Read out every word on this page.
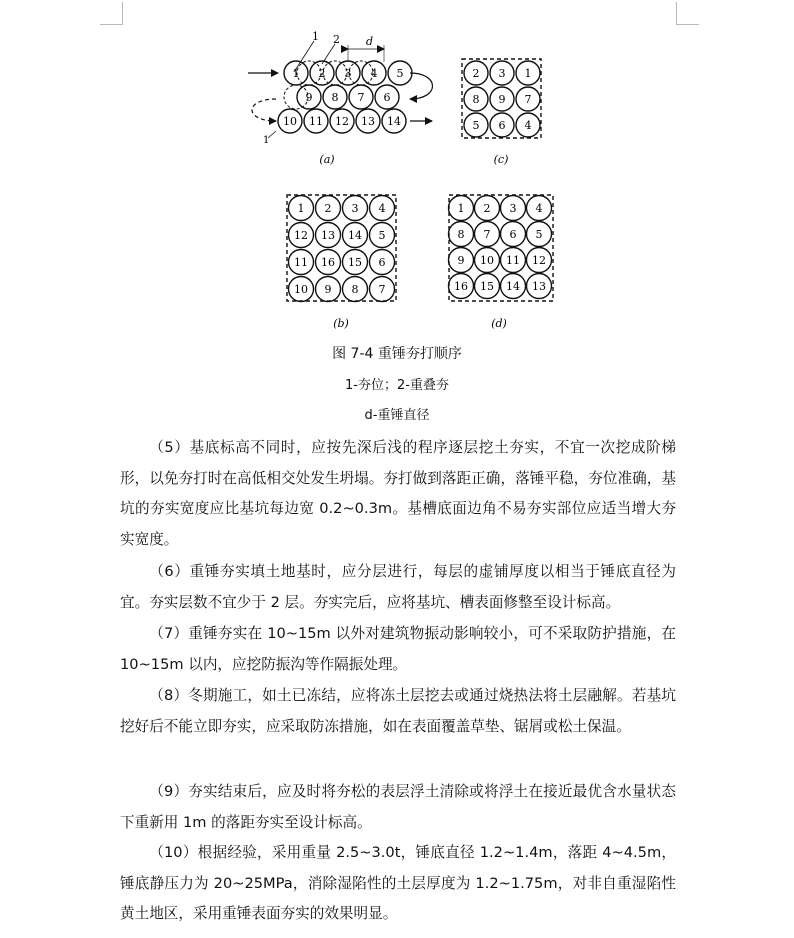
1 2 3 4 5
9 8 7 6
10 11 12 13 14
1 2 d
1
(a)
2 3 1
8 9 7
5 6 4
(c)
1 2 3 4
12 13 14 5
11 16 15 6
10 9 8 7
(b)
1 2 3 4
8 7 6 5
9 10 11 12
16 15 14 13
(d)
图 7-4 重锤夯打顺序
1-夯位；2-重叠夯
d-重锤直径
（5）基底标高不同时，应按先深后浅的程序逐层挖土夯实，不宜一次挖成阶梯形，以免夯打时在高低相交处发生坍塌。夯打做到落距正确，落锤平稳，夯位准确，基坑的夯实宽度应比基坑每边宽 0.2~0.3m。基槽底面边角不易夯实部位应适当增大夯实宽度。
（6）重锤夯实填土地基时，应分层进行，每层的虚铺厚度以相当于锤底直径为宜。夯实层数不宜少于 2 层。夯实完后，应将基坑、槽表面修整至设计标高。
（7）重锤夯实在 10~15m 以外对建筑物振动影响较小，可不采取防护措施，在 10~15m 以内，应挖防振沟等作隔振处理。
（8）冬期施工，如土已冻结，应将冻土层挖去或通过烧热法将土层融解。若基坑挖好后不能立即夯实，应采取防冻措施，如在表面覆盖草垫、锯屑或松土保温。
（9）夯实结束后，应及时将夯松的表层浮土清除或将浮土在接近最优含水量状态下重新用 1m 的落距夯实至设计标高。
（10）根据经验，采用重量 2.5~3.0t，锤底直径 1.2~1.4m，落距 4~4.5m，锤底静压力为 20~25MPa，消除湿陷性的土层厚度为 1.2~1.75m，对非自重湿陷性黄土地区，采用重锤表面夯实的效果明显。
